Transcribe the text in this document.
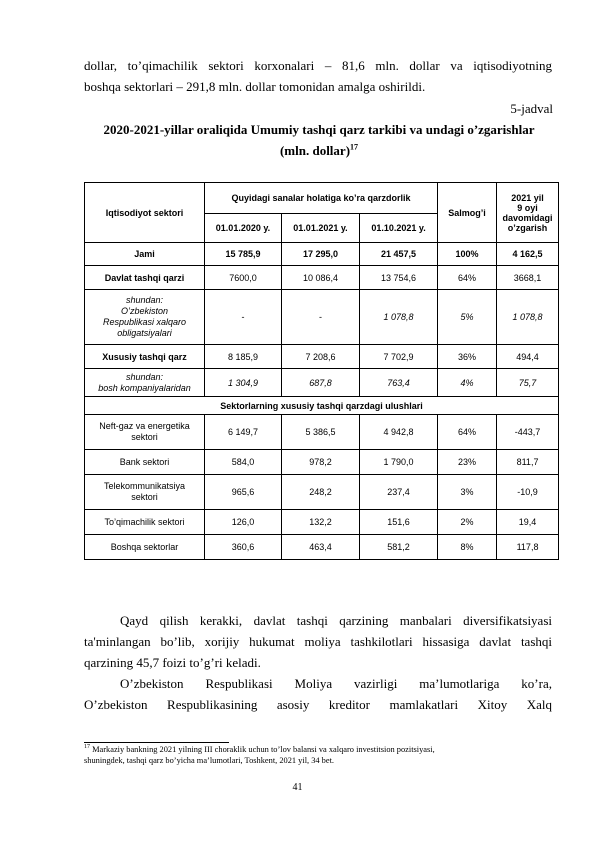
dollar, to’qimachilik sektori korxonalari – 81,6 mln. dollar va iqtisodiyotning
boshqa sektorlari – 291,8 mln. dollar tomonidan amalga oshirildi.
5-jadval
2020-2021-yillar oraliqida Umumiy tashqi qarz tarkibi va undagi o’zgarishlar
(mln. dollar)$^{17}$
Iqtisodiyot sektori	Quyidagi sanalar holatiga ko’ra qarzdorlik			Salmog’i	2021 yil
9 oyi
davomidagi
o’zgarish
	01.01.2020 y.	01.01.2021 y.	01.10.2021 y.		
Jami	15 785,9	17 295,0	21 457,5	100%	4 162,5
Davlat tashqi qarzi	7600,0	10 086,4	13 754,6	64%	3668,1
shundan:
O’zbekiston
Respublikasi xalqaro
obligatsiyalari	-	-	1 078,8	5%	1 078,8
Xususiy tashqi qarz	8 185,9	7 208,6	7 702,9	36%	494,4
shundan:
bosh kompaniyalaridan	1 304,9	687,8	763,4	4%	75,7
Sektorlarning xususiy tashqi qarzdagi ulushlari					
Neft-gaz va energetika
sektori	6 149,7	5 386,5	4 942,8	64%	-443,7
Bank sektori	584,0	978,2	1 790,0	23%	811,7
Telekommunikatsiya
sektori	965,6	248,2	237,4	3%	-10,9
To’qimachilik sektori	126,0	132,2	151,6	2%	19,4
Boshqa sektorlar	360,6	463,4	581,2	8%	117,8
Qayd qilish kerakki, davlat tashqi qarzining manbalari diversifikatsiyasi
ta'minlangan bo’lib, xorijiy hukumat moliya tashkilotlari hissasiga davlat tashqi
qarzining 45,7 foizi to’g’ri keladi.
O’zbekiston Respublikasi Moliya vazirligi ma’lumotlariga ko’ra,
O’zbekiston Respublikasining asosiy kreditor mamlakatlari Xitoy Xalq
$^{17}$ Markaziy bankning 2021 yilning III choraklik uchun to’lov balansi va xalqaro investitsion pozitsiyasi,
shuningdek, tashqi qarz bo’yicha ma’lumotlari, Toshkent, 2021 yil, 34 bet.
41
